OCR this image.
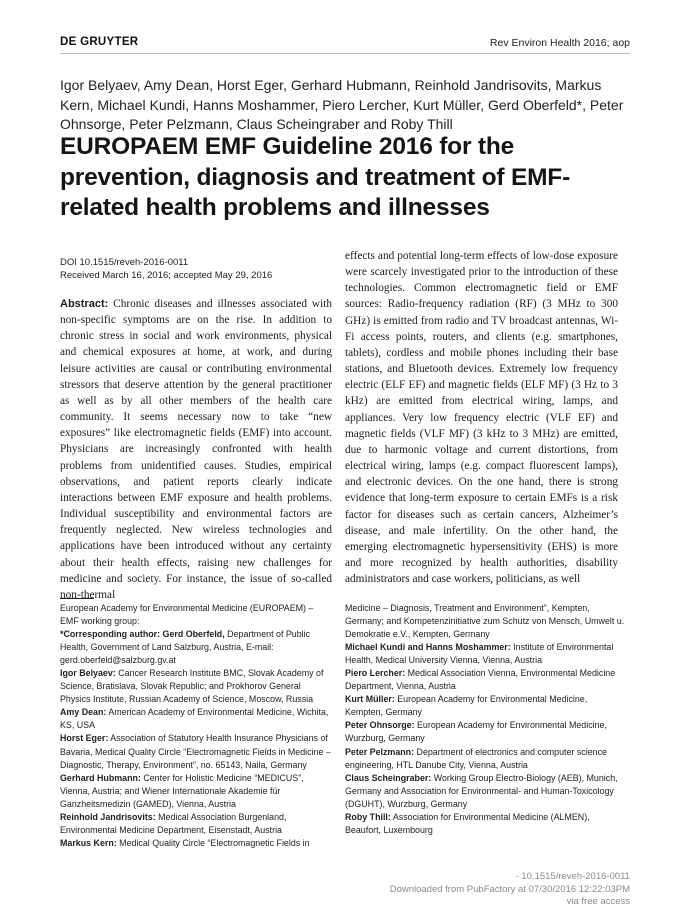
DE GRUYTER	Rev Environ Health 2016; aop
Igor Belyaev, Amy Dean, Horst Eger, Gerhard Hubmann, Reinhold Jandrisovits, Markus Kern, Michael Kundi, Hanns Moshammer, Piero Lercher, Kurt Müller, Gerd Oberfeld*, Peter Ohnsorge, Peter Pelzmann, Claus Scheingraber and Roby Thill
EUROPAEM EMF Guideline 2016 for the prevention, diagnosis and treatment of EMF-related health problems and illnesses
DOI 10.1515/reveh-2016-0011
Received March 16, 2016; accepted May 29, 2016
Abstract: Chronic diseases and illnesses associated with non-specific symptoms are on the rise. In addition to chronic stress in social and work environments, physical and chemical exposures at home, at work, and during leisure activities are causal or contributing environmental stressors that deserve attention by the general practitioner as well as by all other members of the health care community. It seems necessary now to take “new exposures” like electromagnetic fields (EMF) into account. Physicians are increasingly confronted with health problems from unidentified causes. Studies, empirical observations, and patient reports clearly indicate interactions between EMF exposure and health problems. Individual susceptibility and environmental factors are frequently neglected. New wireless technologies and applications have been introduced without any certainty about their health effects, raising new challenges for medicine and society. For instance, the issue of so-called non-thermal
effects and potential long-term effects of low-dose exposure were scarcely investigated prior to the introduction of these technologies. Common electromagnetic field or EMF sources: Radio-frequency radiation (RF) (3 MHz to 300 GHz) is emitted from radio and TV broadcast antennas, Wi-Fi access points, routers, and clients (e.g. smartphones, tablets), cordless and mobile phones including their base stations, and Bluetooth devices. Extremely low frequency electric (ELF EF) and magnetic fields (ELF MF) (3 Hz to 3 kHz) are emitted from electrical wiring, lamps, and appliances. Very low frequency electric (VLF EF) and magnetic fields (VLF MF) (3 kHz to 3 MHz) are emitted, due to harmonic voltage and current distortions, from electrical wiring, lamps (e.g. compact fluorescent lamps), and electronic devices. On the one hand, there is strong evidence that long-term exposure to certain EMFs is a risk factor for diseases such as certain cancers, Alzheimer’s disease, and male infertility. On the other hand, the emerging electromagnetic hypersensitivity (EHS) is more and more recognized by health authorities, disability administrators and case workers, politicians, as well

European Academy for Environmental Medicine (EUROPAEM) – EMF working group:

*Corresponding author: Gerd Oberfeld, Department of Public Health, Government of Land Salzburg, Austria, E-mail: gerd.oberfeld@salzburg.gv.at

Igor Belyaev: Cancer Research Institute BMC, Slovak Academy of Science, Bratislava, Slovak Republic; and Prokhorov General Physics Institute, Russian Academy of Science, Moscow, Russia

Amy Dean: American Academy of Environmental Medicine, Wichita, KS, USA

Horst Eger: Association of Statutory Health Insurance Physicians of Bavaria, Medical Quality Circle “Electromagnetic Fields in Medicine – Diagnostic, Therapy, Environment”, no. 65143, Naila, Germany

Gerhard Hubmann: Center for Holistic Medicine “MEDICUS”, Vienna, Austria; and Wiener Internationale Akademie für Ganzheitsmedizin (GAMED), Vienna, Austria

Reinhold Jandrisovits: Medical Association Burgenland, Environmental Medicine Department, Eisenstadt, Austria

Markus Kern: Medical Quality Circle “Electromagnetic Fields in

Medicine – Diagnosis, Treatment and Environment”, Kempten, Germany; and Kompetenzinitiative zum Schutz von Mensch, Umwelt u. Demokratie e.V., Kempten, Germany

Michael Kundi and Hanns Moshammer: Institute of Environmental Health, Medical University Vienna, Vienna, Austria

Piero Lercher: Medical Association Vienna, Environmental Medicine Department, Vienna, Austria

Kurt Müller: European Academy for Environmental Medicine, Kempten, Germany

Peter Ohnsorge: European Academy for Environmental Medicine, Wurzburg, Germany

Peter Pelzmann: Department of electronics and computer science engineering, HTL Danube City, Vienna, Austria

Claus Scheingraber: Working Group Electro-Biology (AEB), Munich, Germany and Association for Environmental- and Human-Toxicology (DGUHT), Wurzburg, Germany

Roby Thill: Association for Environmental Medicine (ALMEN), Beaufort, Luxembourg

- 10.1515/reveh-2016-0011
Downloaded from PubFactory at 07/30/2016 12:22:03PM
via free access
